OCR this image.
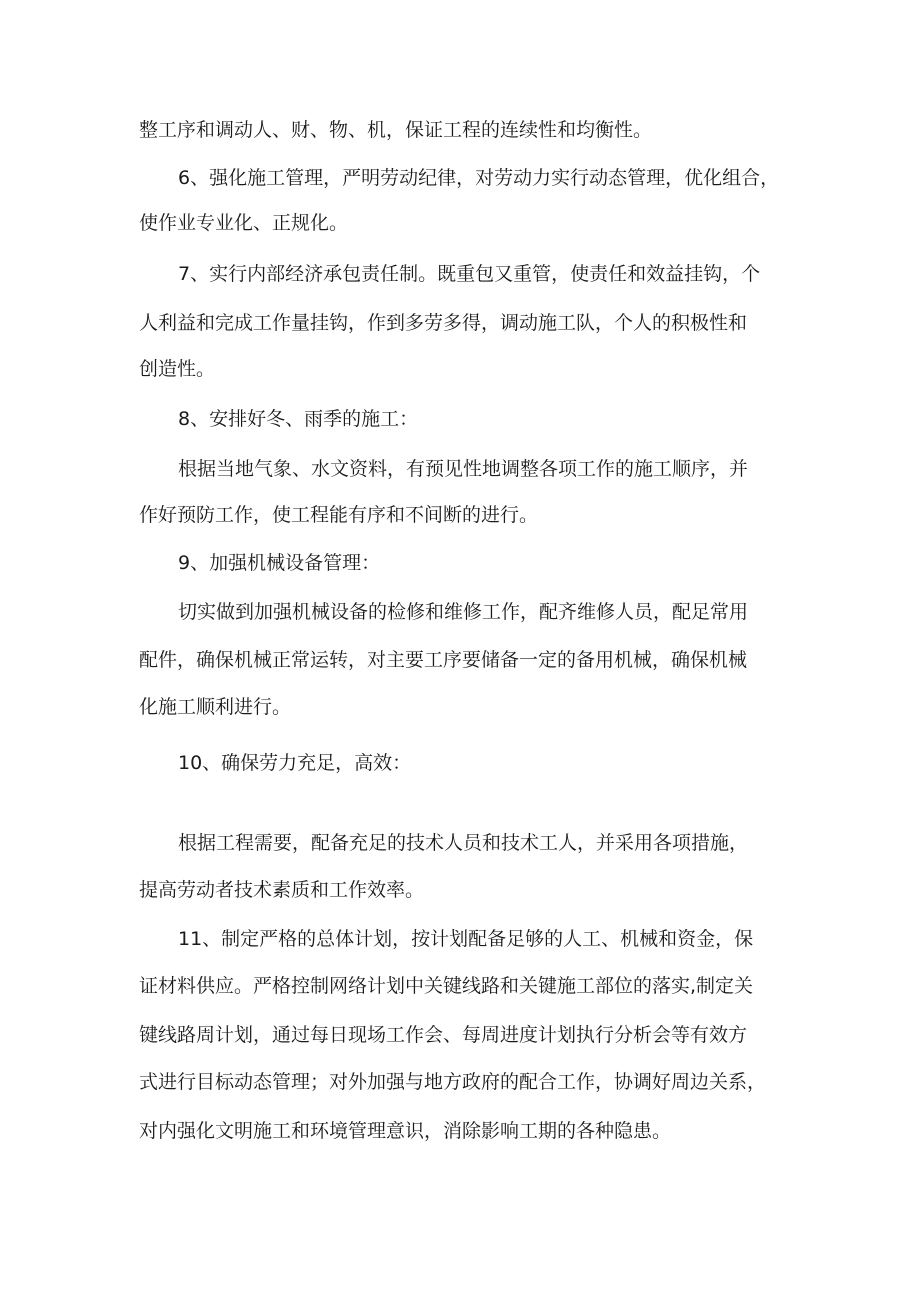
整工序和调动人、财、物、机，保证工程的连续性和均衡性。

6、强化施工管理，严明劳动纪律，对劳动力实行动态管理，优化组合，

使作业专业化、正规化。

7、实行内部经济承包责任制。既重包又重管，使责任和效益挂钩，个

人利益和完成工作量挂钩，作到多劳多得，调动施工队，个人的积极性和

创造性。

8、安排好冬、雨季的施工：

根据当地气象、水文资料，有预见性地调整各项工作的施工顺序，并

作好预防工作，使工程能有序和不间断的进行。

9、加强机械设备管理：

切实做到加强机械设备的检修和维修工作，配齐维修人员，配足常用

配件，确保机械正常运转，对主要工序要储备一定的备用机械，确保机械

化施工顺利进行。

10、确保劳力充足，高效：

根据工程需要，配备充足的技术人员和技术工人，并采用各项措施，

提高劳动者技术素质和工作效率。

11、制定严格的总体计划，按计划配备足够的人工、机械和资金，保

证材料供应。严格控制网络计划中关键线路和关键施工部位的落实,制定关

键线路周计划，通过每日现场工作会、每周进度计划执行分析会等有效方

式进行目标动态管理；对外加强与地方政府的配合工作，协调好周边关系，

对内强化文明施工和环境管理意识，消除影响工期的各种隐患。
